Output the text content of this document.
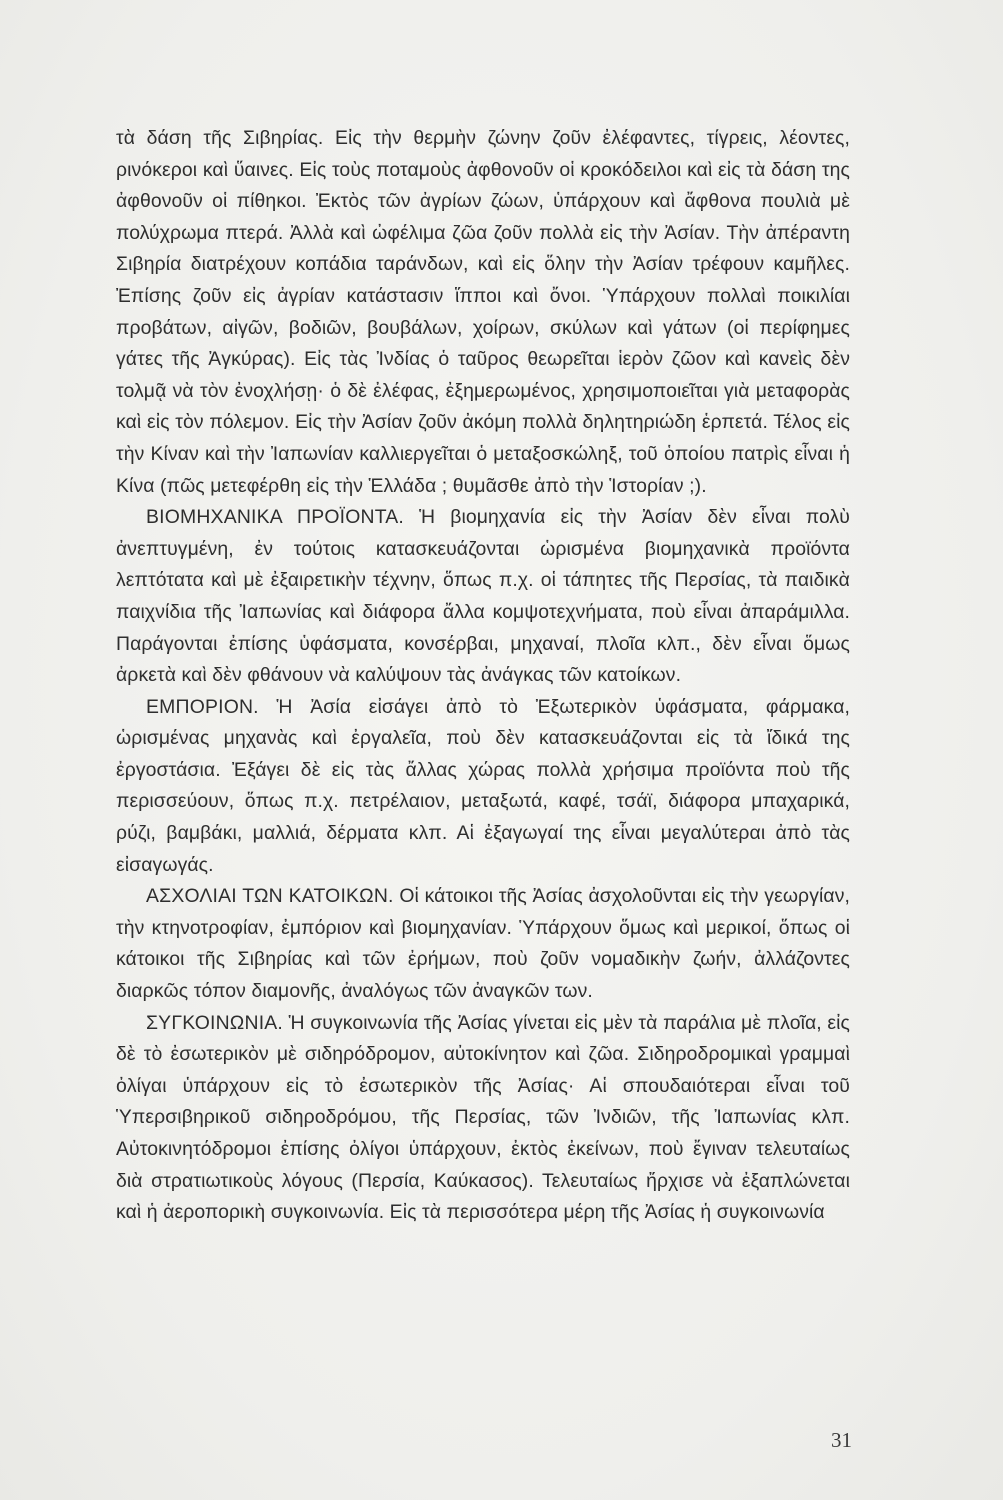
τὰ δάση τῆς Σιβηρίας. Εἰς τὴν θερμὴν ζώνην ζοῦν ἐλέφαντες, τίγρεις, λέοντες, ρινόκεροι καὶ ὕαινες. Εἰς τοὺς ποταμοὺς ἀφθονοῦν οἱ κροκόδειλοι καὶ εἰς τὰ δάση της ἀφθονοῦν οἱ πίθηκοι. Ἐκτὸς τῶν ἀγρίων ζώων, ὑπάρχουν καὶ ἄφθονα πουλιὰ μὲ πολύχρωμα πτερά. Ἀλλὰ καὶ ὠφέλιμα ζῶα ζοῦν πολλὰ εἰς τὴν Ἀσίαν. Τὴν ἀπέραντη Σιβηρία διατρέχουν κοπάδια ταράνδων, καὶ εἰς ὅλην τὴν Ἀσίαν τρέφουν καμῆλες. Ἐπίσης ζοῦν εἰς ἀγρίαν κατάστασιν ἵπποι καὶ ὄνοι. Ὑπάρχουν πολλαὶ ποικιλίαι προβάτων, αἰγῶν, βοδιῶν, βουβάλων, χοίρων, σκύλων καὶ γάτων (οἱ περίφημες γάτες τῆς Ἀγκύρας). Εἰς τὰς Ἰνδίας ὁ ταῦρος θεωρεῖται ἱερὸν ζῶον καὶ κανεὶς δὲν τολμᾷ νὰ τὸν ἐνοχλήσῃ· ὁ δὲ ἐλέφας, ἐξημερωμένος, χρησιμοποιεῖται γιὰ μεταφορὰς καὶ εἰς τὸν πόλεμον. Εἰς τὴν Ἀσίαν ζοῦν ἀκόμη πολλὰ δηλητηριώδη ἑρπετά. Τέλος εἰς τὴν Κίναν καὶ τὴν Ἰαπωνίαν καλλιεργεῖται ὁ μεταξοσκώληξ, τοῦ ὁποίου πατρὶς εἶναι ἡ Κίνα (πῶς μετεφέρθη εἰς τὴν Ἑλλάδα ; θυμᾶσθε ἀπὸ τὴν Ἱστορίαν ;).

ΒΙΟΜΗΧΑΝΙΚΑ ΠΡΟΪΟΝΤΑ. Ἡ βιομηχανία εἰς τὴν Ἀσίαν δὲν εἶναι πολὺ ἀνεπτυγμένη, ἐν τούτοις κατασκευάζονται ὡρισμένα βιομηχανικὰ προϊόντα λεπτότατα καὶ μὲ ἐξαιρετικὴν τέχνην, ὅπως π.χ. οἱ τάπητες τῆς Περσίας, τὰ παιδικὰ παιχνίδια τῆς Ἰαπωνίας καὶ διάφορα ἄλλα κομψοτεχνήματα, ποὺ εἶναι ἀπαράμιλλα. Παράγονται ἐπίσης ὑφάσματα, κονσέρβαι, μηχαναί, πλοῖα κλπ., δὲν εἶναι ὅμως ἀρκετὰ καὶ δὲν φθάνουν νὰ καλύψουν τὰς ἀνάγκας τῶν κατοίκων.

ΕΜΠΟΡΙΟΝ. Ἡ Ἀσία εἰσάγει ἀπὸ τὸ Ἐξωτερικὸν ὑφάσματα, φάρμακα, ὡρισμένας μηχανὰς καὶ ἐργαλεῖα, ποὺ δὲν κατασκευάζονται εἰς τὰ ἴδικά της ἐργοστάσια. Ἐξάγει δὲ εἰς τὰς ἄλλας χώρας πολλὰ χρήσιμα προϊόντα ποὺ τῆς περισσεύουν, ὅπως π.χ. πετρέλαιον, μεταξωτά, καφέ, τσάϊ, διάφορα μπαχαρικά, ρύζι, βαμβάκι, μαλλιά, δέρματα κλπ. Αἱ ἐξαγωγαί της εἶναι μεγαλύτεραι ἀπὸ τὰς εἰσαγωγάς.

ΑΣΧΟΛΙΑΙ ΤΩΝ ΚΑΤΟΙΚΩΝ. Οἱ κάτοικοι τῆς Ἀσίας ἀσχολοῦνται εἰς τὴν γεωργίαν, τὴν κτηνοτροφίαν, ἐμπόριον καὶ βιομηχανίαν. Ὑπάρχουν ὅμως καὶ μερικοί, ὅπως οἱ κάτοικοι τῆς Σιβηρίας καὶ τῶν ἐρήμων, ποὺ ζοῦν νομαδικὴν ζωήν, ἀλλάζοντες διαρκῶς τόπον διαμονῆς, ἀναλόγως τῶν ἀναγκῶν των.

ΣΥΓΚΟΙΝΩΝΙΑ. Ἡ συγκοινωνία τῆς Ἀσίας γίνεται εἰς μὲν τὰ παράλια μὲ πλοῖα, εἰς δὲ τὸ ἐσωτερικὸν μὲ σιδηρόδρομον, αὐτοκίνητον καὶ ζῶα. Σιδηροδρομικαὶ γραμμαὶ ὀλίγαι ὑπάρχουν εἰς τὸ ἐσωτερικὸν τῆς Ἀσίας· Αἱ σπουδαιότεραι εἶναι τοῦ Ὑπερσιβηρικοῦ σιδηροδρόμου, τῆς Περσίας, τῶν Ἰνδιῶν, τῆς Ἰαπωνίας κλπ. Αὐτοκινητόδρομοι ἐπίσης ὀλίγοι ὑπάρχουν, ἐκτὸς ἐκείνων, ποὺ ἔγιναν τελευταίως διὰ στρατιωτικοὺς λόγους (Περσία, Καύκασος). Τελευταίως ἤρχισε νὰ ἐξαπλώνεται καὶ ἡ ἀεροπορικὴ συγκοινωνία. Εἰς τὰ περισσότερα μέρη τῆς Ἀσίας ἡ συγκοινωνία

31
